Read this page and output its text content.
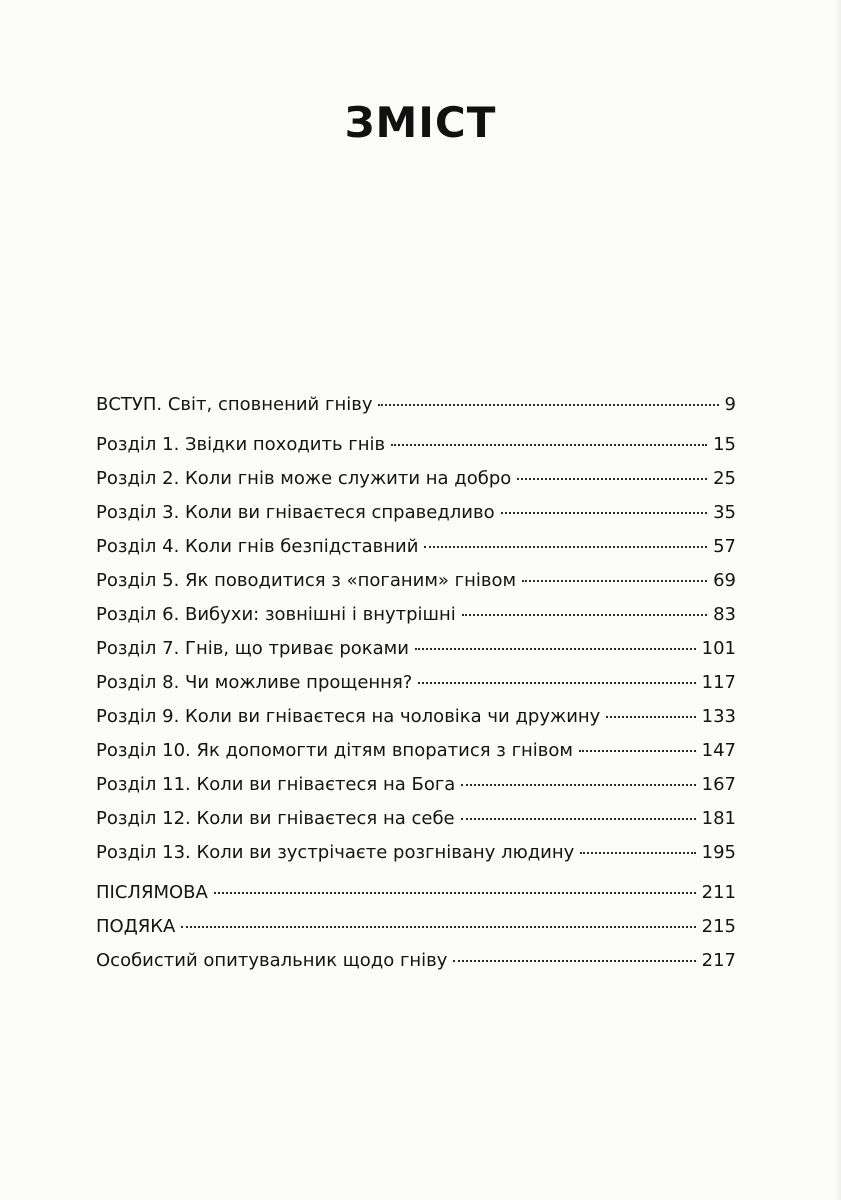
ЗМІСТ
ВСТУП. Світ, сповнений гніву	9
Розділ 1. Звідки походить гнів	15
Розділ 2. Коли гнів може служити на добро	25
Розділ 3. Коли ви гніваєтеся справедливо	35
Розділ 4. Коли гнів безпідставний	57
Розділ 5. Як поводитися з «поганим» гнівом	69
Розділ 6. Вибухи: зовнішні і внутрішні	83
Розділ 7. Гнів, що триває роками	101
Розділ 8. Чи можливе прощення?	117
Розділ 9. Коли ви гніваєтеся на чоловіка чи дружину	133
Розділ 10. Як допомогти дітям впоратися з гнівом	147
Розділ 11. Коли ви гніваєтеся на Бога	167
Розділ 12. Коли ви гніваєтеся на себе	181
Розділ 13. Коли ви зустрічаєте розгнівану людину	195
ПІСЛЯМОВА	211
ПОДЯКА	215
Особистий опитувальник щодо гніву	217
